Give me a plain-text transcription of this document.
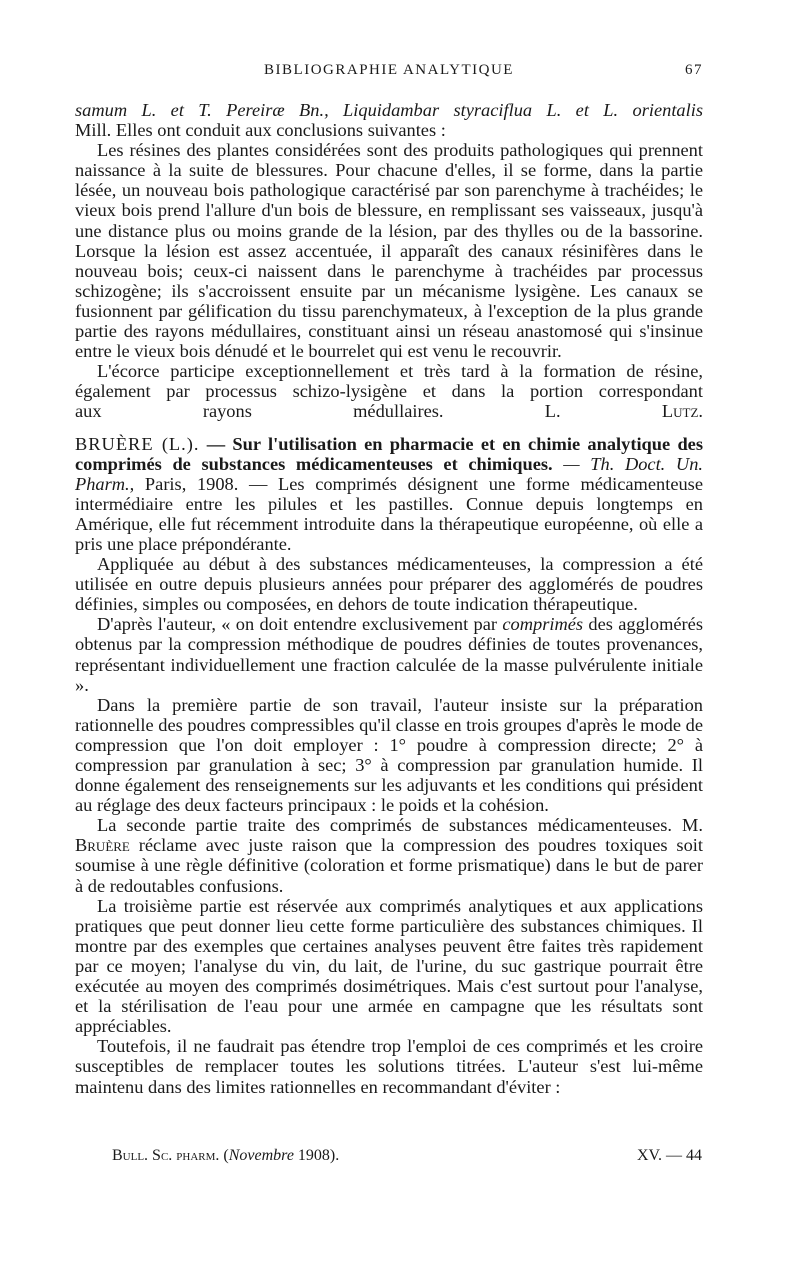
BIBLIOGRAPHIE ANALYTIQUE	67

samum L. et T. Pereiræ Bn., Liquidambar styraciflua L. et L. orientalis

Mill. Elles ont conduit aux conclusions suivantes :

Les résines des plantes considérées sont des produits pathologiques qui prennent naissance à la suite de blessures. Pour chacune d'elles, il se forme, dans la partie lésée, un nouveau bois pathologique caractérisé par son parenchyme à trachéides; le vieux bois prend l'allure d'un bois de blessure, en remplissant ses vaisseaux, jusqu'à une distance plus ou moins grande de la lésion, par des thylles ou de la bassorine. Lorsque la lésion est assez accentuée, il apparaît des canaux résinifères dans le nouveau bois; ceux-ci naissent dans le parenchyme à trachéides par processus schizogène; ils s'accroissent ensuite par un mécanisme lysigène. Les canaux se fusionnent par gélification du tissu parenchymateux, à l'exception de la plus grande partie des rayons médullaires, constituant ainsi un réseau anastomosé qui s'insinue entre le vieux bois dénudé et le bourrelet qui est venu le recouvrir.

L'écorce participe exceptionnellement et très tard à la formation de résine, également par processus schizo-lysigène et dans la portion correspondant

aux rayons médullaires.	L. Lutz.

BRUÈRE (L.). — Sur l'utilisation en pharmacie et en chimie analytique des comprimés de substances médicamenteuses et chimiques. — Th. Doct. Un. Pharm., Paris, 1908. — Les comprimés désignent une forme médicamenteuse intermédiaire entre les pilules et les pastilles. Connue depuis longtemps en Amérique, elle fut récemment introduite dans la thérapeutique européenne, où elle a pris une place prépondérante.

Appliquée au début à des substances médicamenteuses, la compression a été utilisée en outre depuis plusieurs années pour préparer des agglomérés de poudres définies, simples ou composées, en dehors de toute indication thérapeutique.

D'après l'auteur, « on doit entendre exclusivement par comprimés des agglomérés obtenus par la compression méthodique de poudres définies de toutes provenances, représentant individuellement une fraction calculée de la masse pulvérulente initiale ».

Dans la première partie de son travail, l'auteur insiste sur la préparation rationnelle des poudres compressibles qu'il classe en trois groupes d'après le mode de compression que l'on doit employer : 1° poudre à compression directe; 2° à compression par granulation à sec; 3° à compression par granulation humide. Il donne également des renseignements sur les adjuvants et les conditions qui président au réglage des deux facteurs principaux : le poids et la cohésion.

La seconde partie traite des comprimés de substances médicamenteuses. M. Bruère réclame avec juste raison que la compression des poudres toxiques soit soumise à une règle définitive (coloration et forme prismatique) dans le but de parer à de redoutables confusions.

La troisième partie est réservée aux comprimés analytiques et aux applications pratiques que peut donner lieu cette forme particulière des substances chimiques. Il montre par des exemples que certaines analyses peuvent être faites très rapidement par ce moyen; l'analyse du vin, du lait, de l'urine, du suc gastrique pourrait être exécutée au moyen des comprimés dosimétriques. Mais c'est surtout pour l'analyse, et la stérilisation de l'eau pour une armée en campagne que les résultats sont appréciables.

Toutefois, il ne faudrait pas étendre trop l'emploi de ces comprimés et les croire susceptibles de remplacer toutes les solutions titrées. L'auteur s'est lui-même maintenu dans des limites rationnelles en recommandant d'éviter :

Bull. Sc. pharm. (Novembre 1908).	XV. — 44
